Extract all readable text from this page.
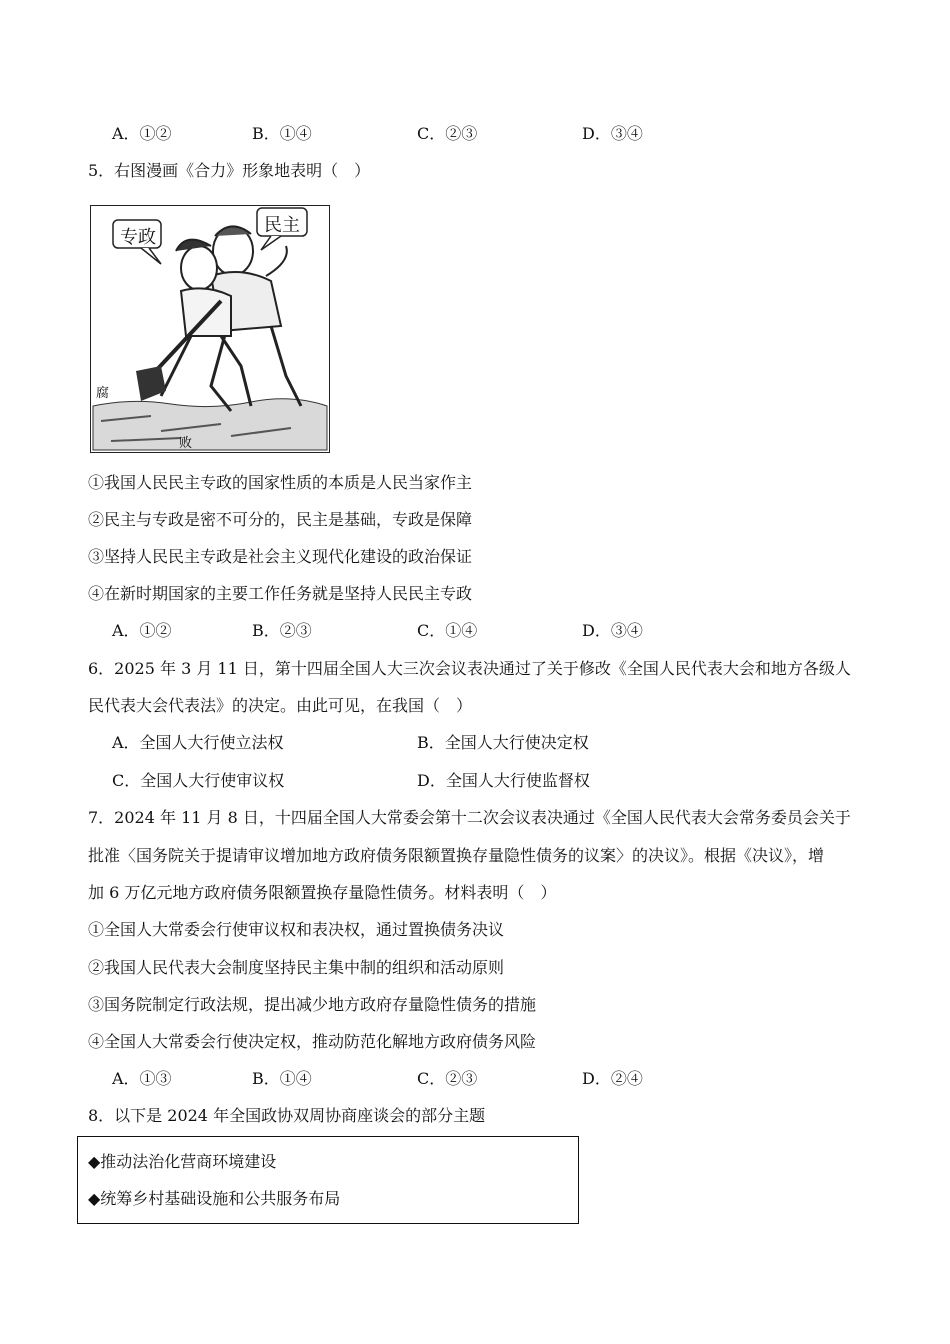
A．①②	B．①④	C．②③	D．③④
5．右图漫画《合力》形象地表明（　）
专政
民主
腐
败
①我国人民民主专政的国家性质的本质是人民当家作主
②民主与专政是密不可分的，民主是基础，专政是保障
③坚持人民民主专政是社会主义现代化建设的政治保证
④在新时期国家的主要工作任务就是坚持人民民主专政
A．①②	B．②③	C．①④	D．③④
6．2025 年 3 月 11 日，第十四届全国人大三次会议表决通过了关于修改《全国人民代表大会和地方各级人
民代表大会代表法》的决定。由此可见，在我国（　）
A．全国人大行使立法权	B．全国人大行使决定权
C．全国人大行使审议权	D．全国人大行使监督权
7．2024 年 11 月 8 日，十四届全国人大常委会第十二次会议表决通过《全国人民代表大会常务委员会关于
批准〈国务院关于提请审议增加地方政府债务限额置换存量隐性债务的议案〉的决议》。根据《决议》，增
加 6 万亿元地方政府债务限额置换存量隐性债务。材料表明（　）
①全国人大常委会行使审议权和表决权，通过置换债务决议
②我国人民代表大会制度坚持民主集中制的组织和活动原则
③国务院制定行政法规，提出减少地方政府存量隐性债务的措施
④全国人大常委会行使决定权，推动防范化解地方政府债务风险
A．①③	B．①④	C．②③	D．②④
8．以下是 2024 年全国政协双周协商座谈会的部分主题
◆推动法治化营商环境建设
◆统筹乡村基础设施和公共服务布局
